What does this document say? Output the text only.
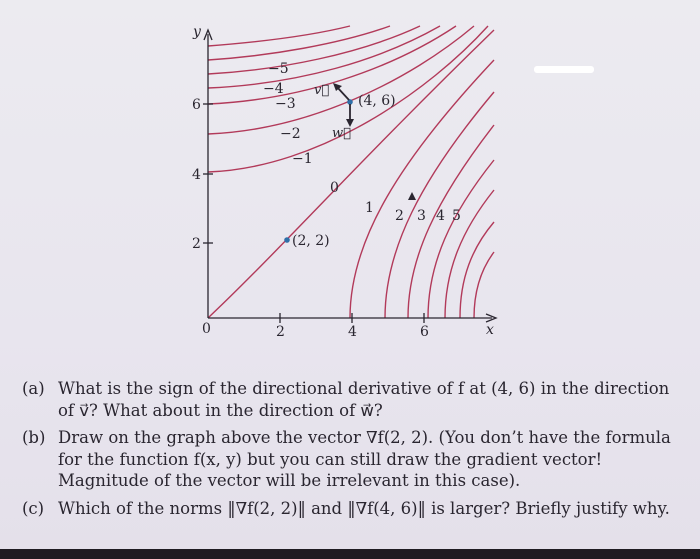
y
x
0	2	4	6
2
4
6
−5
−4
−3
−2
−1
0
1 2 3 4 5
(4, 6)
(2, 2)
v⃗
w⃗
(a) What is the sign of the directional derivative of f at (4, 6) in the direction of v⃗? What about in the direction of w⃗?
(b) Draw on the graph above the vector ∇f(2, 2). (You don’t have the formula for the function f(x, y) but you can still draw the gradient vector! Magnitude of the vector will be irrelevant in this case).
(c) Which of the norms ‖∇f(2, 2)‖ and ‖∇f(4, 6)‖ is larger? Briefly justify why.
